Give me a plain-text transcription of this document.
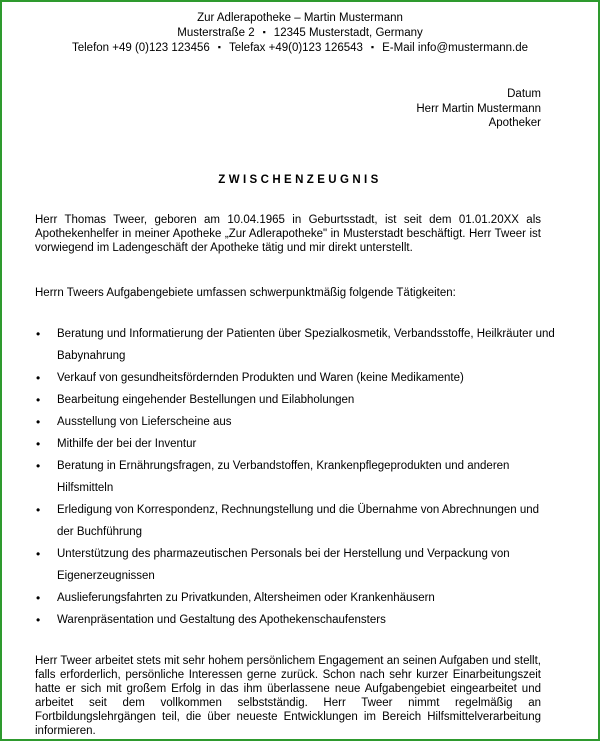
Zur Adlerapotheke – Martin Mustermann
Musterstraße 2 ▪ 12345 Musterstadt, Germany
Telefon +49 (0)123 123456 ▪ Telefax +49(0)123 126543 ▪ E-Mail info@mustermann.de
Datum
Herr Martin Mustermann
Apotheker
ZWISCHENZEUGNIS
Herr Thomas Tweer, geboren am 10.04.1965 in Geburtsstadt, ist seit dem 01.01.20XX als Apothekenhelfer in meiner Apotheke „Zur Adlerapotheke" in Musterstadt beschäftigt. Herr Tweer ist vorwiegend im Ladengeschäft der Apotheke tätig und mir direkt unterstellt.
Herrn Tweers Aufgabengebiete umfassen schwerpunktmäßig folgende Tätigkeiten:
• Beratung und Informatierung der Patienten über Spezialkosmetik, Verbandsstoffe, Heilkräuter und Babynahrung
• Verkauf von gesundheitsfördernden Produkten und Waren (keine Medikamente)
• Bearbeitung eingehender Bestellungen und Eilabholungen
• Ausstellung von Lieferscheine aus
• Mithilfe der bei der Inventur
• Beratung in Ernährungsfragen, zu Verbandstoffen, Krankenpflegeprodukten und anderen Hilfsmitteln
• Erledigung von Korrespondenz, Rechnungstellung und die Übernahme von Abrechnungen und der Buchführung
• Unterstützung des pharmazeutischen Personals bei der Herstellung und Verpackung von Eigenerzeugnissen
• Auslieferungsfahrten zu Privatkunden, Altersheimen oder Krankenhäusern
• Warenpräsentation und Gestaltung des Apothekenschaufensters
Herr Tweer arbeitet stets mit sehr hohem persönlichem Engagement an seinen Aufgaben und stellt, falls erforderlich, persönliche Interessen gerne zurück. Schon nach sehr kurzer Einarbeitungszeit hatte er sich mit großem Erfolg in das ihm überlassene neue Aufgabengebiet eingearbeitet und arbeitet seit dem vollkommen selbstständig. Herr Tweer nimmt regelmäßig an Fortbildungslehrgängen teil, die über neueste Entwicklungen im Bereich Hilfsmittelverarbeitung informieren.
